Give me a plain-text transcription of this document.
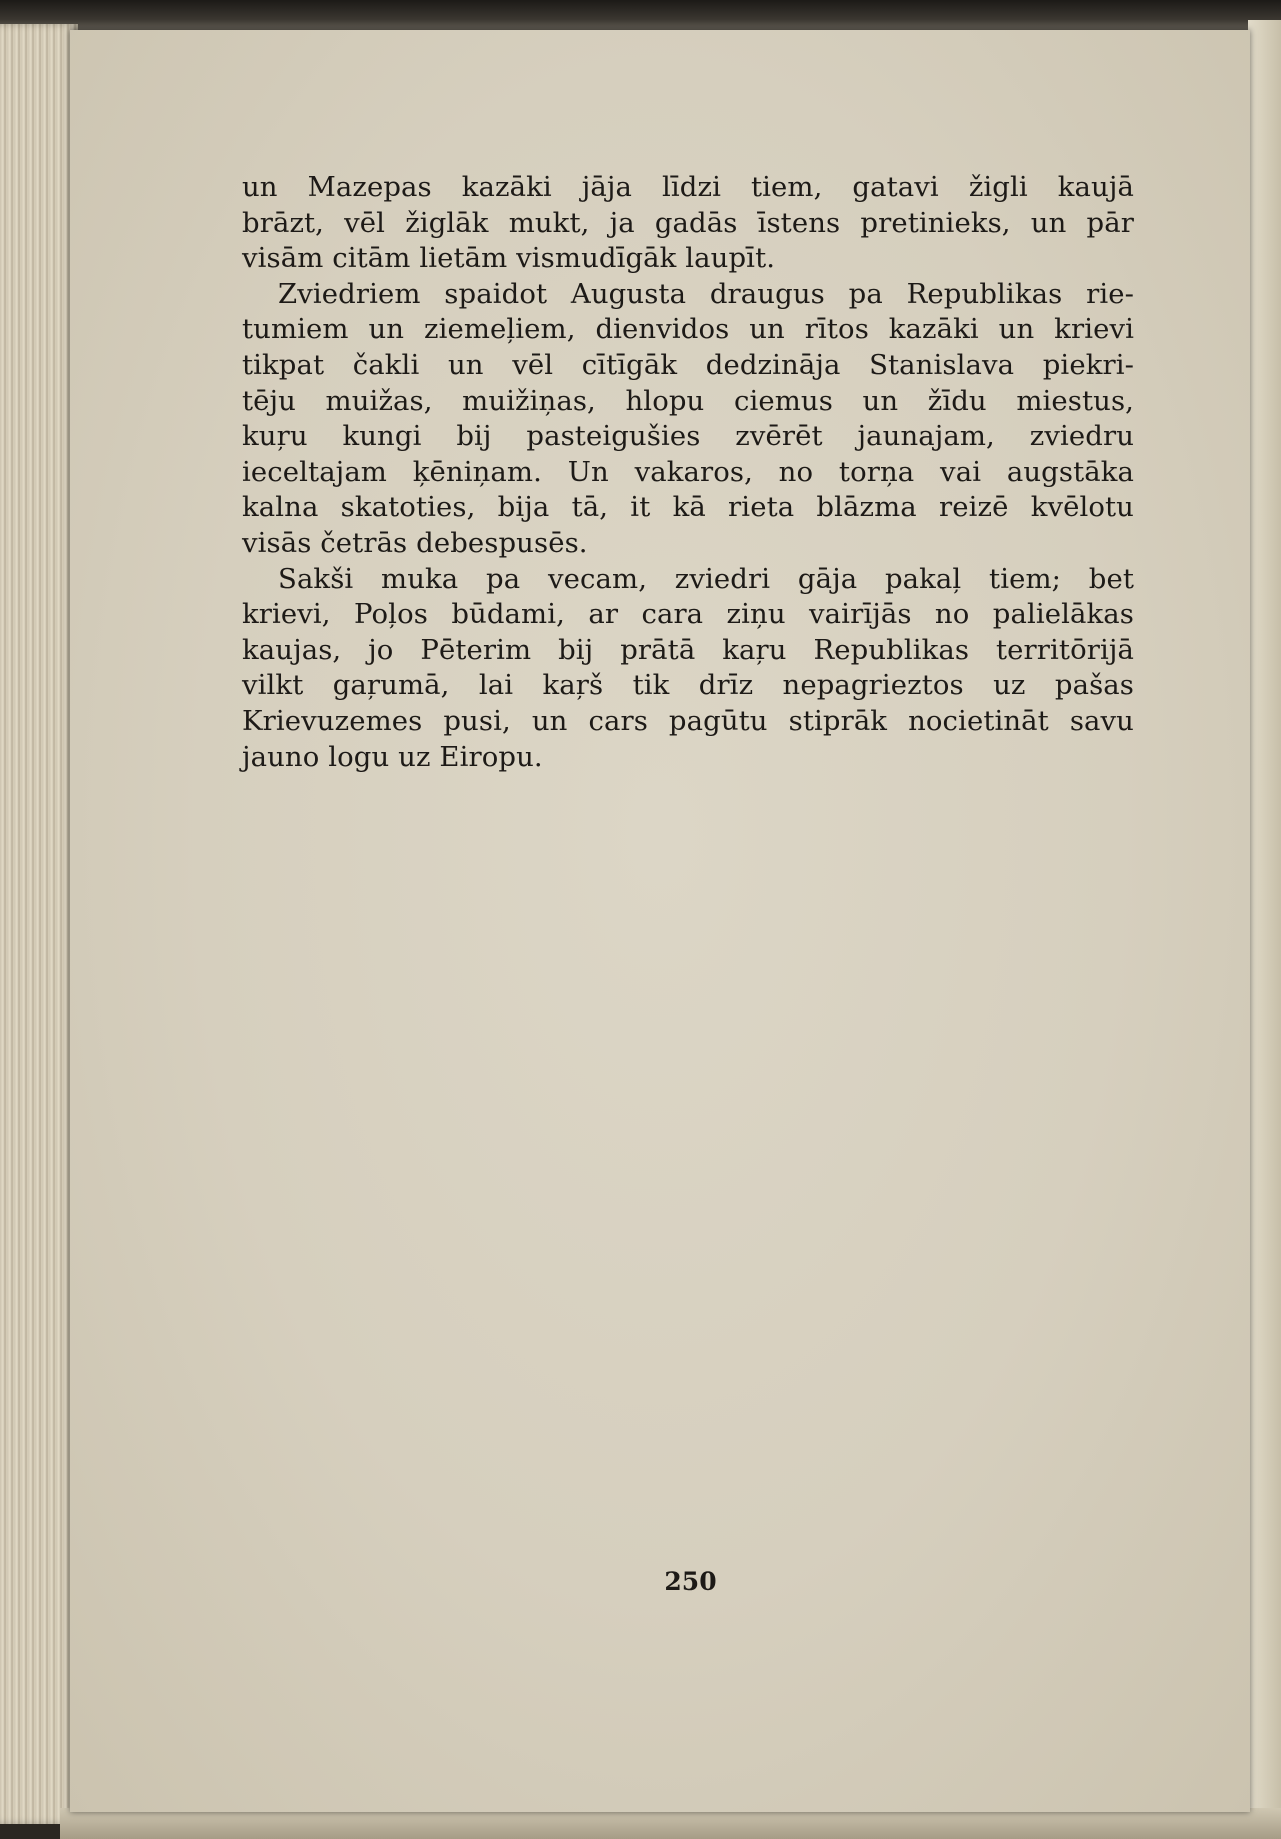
un Mazepas kazāki jāja līdzi tiem, gatavi žigli kaujā
brāzt, vēl žiglāk mukt, ja gadās īstens pretinieks, un pār
visām citām lietām vismudīgāk laupīt.

Zviedriem spaidot Augusta draugus pa Republikas rie-
tumiem un ziemeļiem, dienvidos un rītos kazāki un krievi
tikpat čakli un vēl cītīgāk dedzināja Stanislava piekri-
tēju muižas, muižiņas, hlopu ciemus un žīdu miestus,
kuŗu kungi bij pasteigušies zvērēt jaunajam, zviedru
ieceltajam ķēniņam. Un vakaros, no torņa vai augstāka
kalna skatoties, bija tā, it kā rieta blāzma reizē kvēlotu
visās četrās debespusēs.

Sakši muka pa vecam, zviedri gāja pakaļ tiem; bet
krievi, Poļos būdami, ar cara ziņu vairījās no palielākas
kaujas, jo Pēterim bij prātā kaŗu Republikas territōrijā
vilkt gaŗumā, lai kaŗš tik drīz nepagrieztos uz pašas
Krievuzemes pusi, un cars pagūtu stiprāk nocietināt savu
jauno logu uz Eiropu.

250
